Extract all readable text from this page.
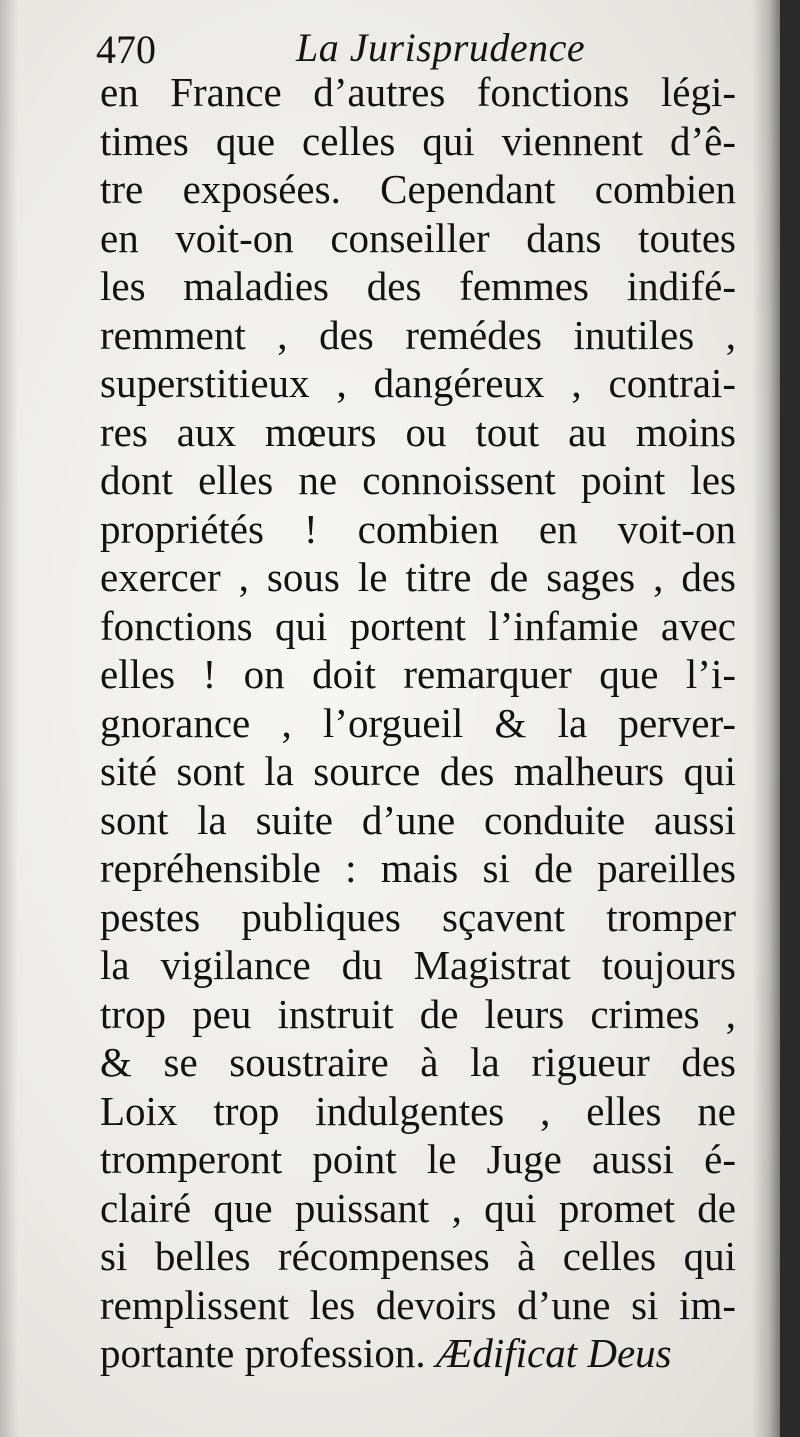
470	La Jurisprudence
en France d’autres fonctions légi-
times que celles qui viennent d’ê-
tre exposées. Cependant combien
en voit-on conseiller dans toutes
les maladies des femmes indifé-
remment , des remédes inutiles ,
superstitieux , dangéreux , contrai-
res aux mœurs ou tout au moins
dont elles ne connoissent point les
propriétés ! combien en voit-on
exercer , sous le titre de sages , des
fonctions qui portent l’infamie avec
elles ! on doit remarquer que l’i-
gnorance , l’orgueil & la perver-
sité sont la source des malheurs qui
sont la suite d’une conduite aussi
repréhensible : mais si de pareilles
pestes publiques sçavent tromper
la vigilance du Magistrat toujours
trop peu instruit de leurs crimes ,
& se soustraire à la rigueur des
Loix trop indulgentes , elles ne
tromperont point le Juge aussi é-
clairé que puissant , qui promet de
si belles récompenses à celles qui
remplissent les devoirs d’une si im-
portante profession. Ædificat Deus
